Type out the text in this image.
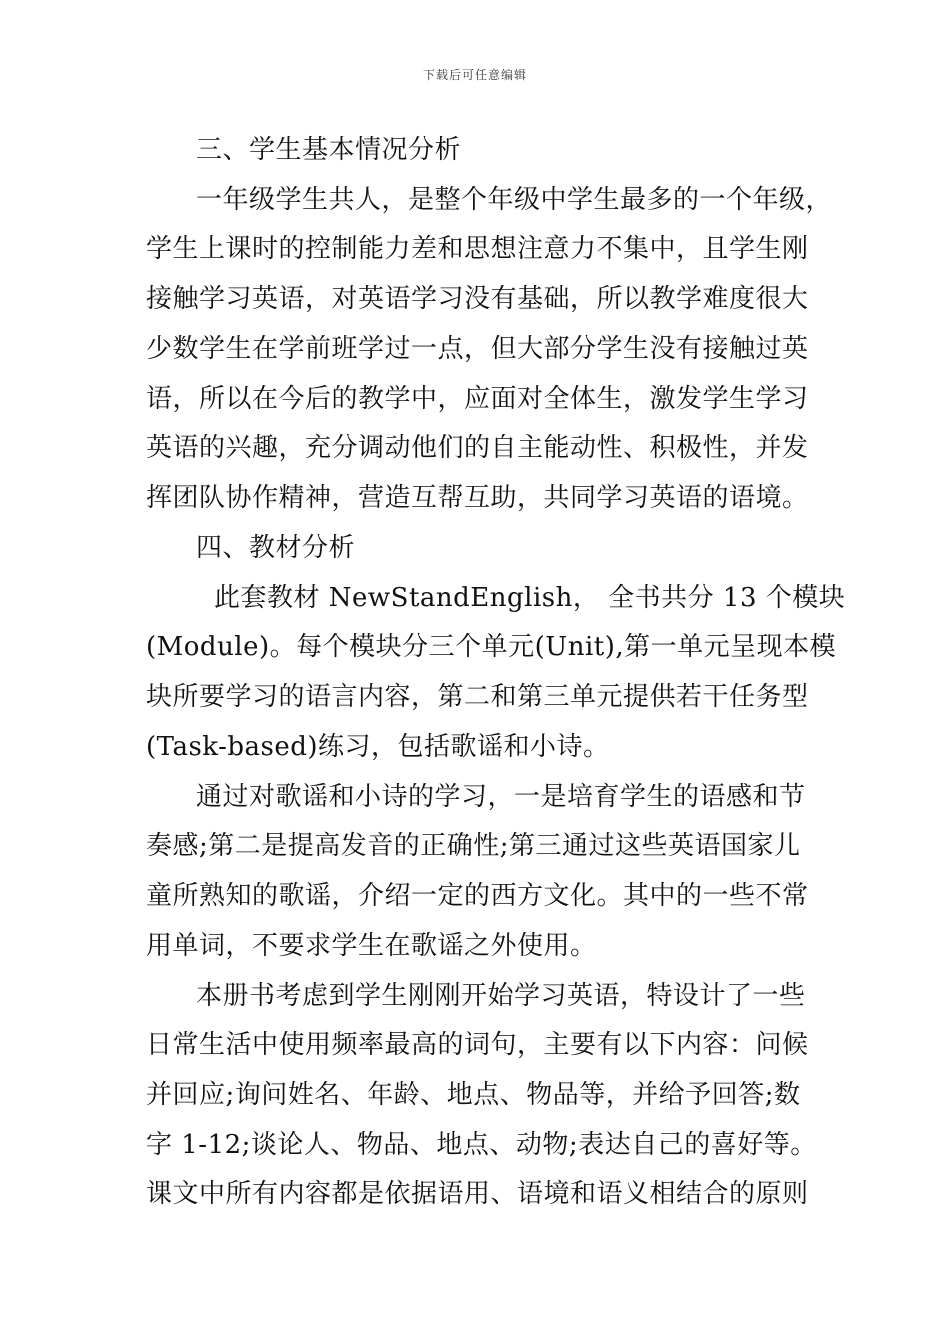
下载后可任意编辑
三、学生基本情况分析
一年级学生共人，是整个年级中学生最多的一个年级，
学生上课时的控制能力差和思想注意力不集中，且学生刚
接触学习英语，对英语学习没有基础，所以教学难度很大
少数学生在学前班学过一点，但大部分学生没有接触过英
语，所以在今后的教学中，应面对全体生，激发学生学习
英语的兴趣，充分调动他们的自主能动性、积极性，并发
挥团队协作精神，营造互帮互助，共同学习英语的语境。
四、教材分析
此套教材 NewStandEnglish， 全书共分 13 个模块
(Module)。每个模块分三个单元(Unit),第一单元呈现本模
块所要学习的语言内容，第二和第三单元提供若干任务型
(Task-based)练习，包括歌谣和小诗。
通过对歌谣和小诗的学习，一是培育学生的语感和节
奏感;第二是提高发音的正确性;第三通过这些英语国家儿
童所熟知的歌谣，介绍一定的西方文化。其中的一些不常
用单词，不要求学生在歌谣之外使用。
本册书考虑到学生刚刚开始学习英语，特设计了一些
日常生活中使用频率最高的词句，主要有以下内容：问候
并回应;询问姓名、年龄、地点、物品等，并给予回答;数
字 1-12;谈论人、物品、地点、动物;表达自己的喜好等。
课文中所有内容都是依据语用、语境和语义相结合的原则
